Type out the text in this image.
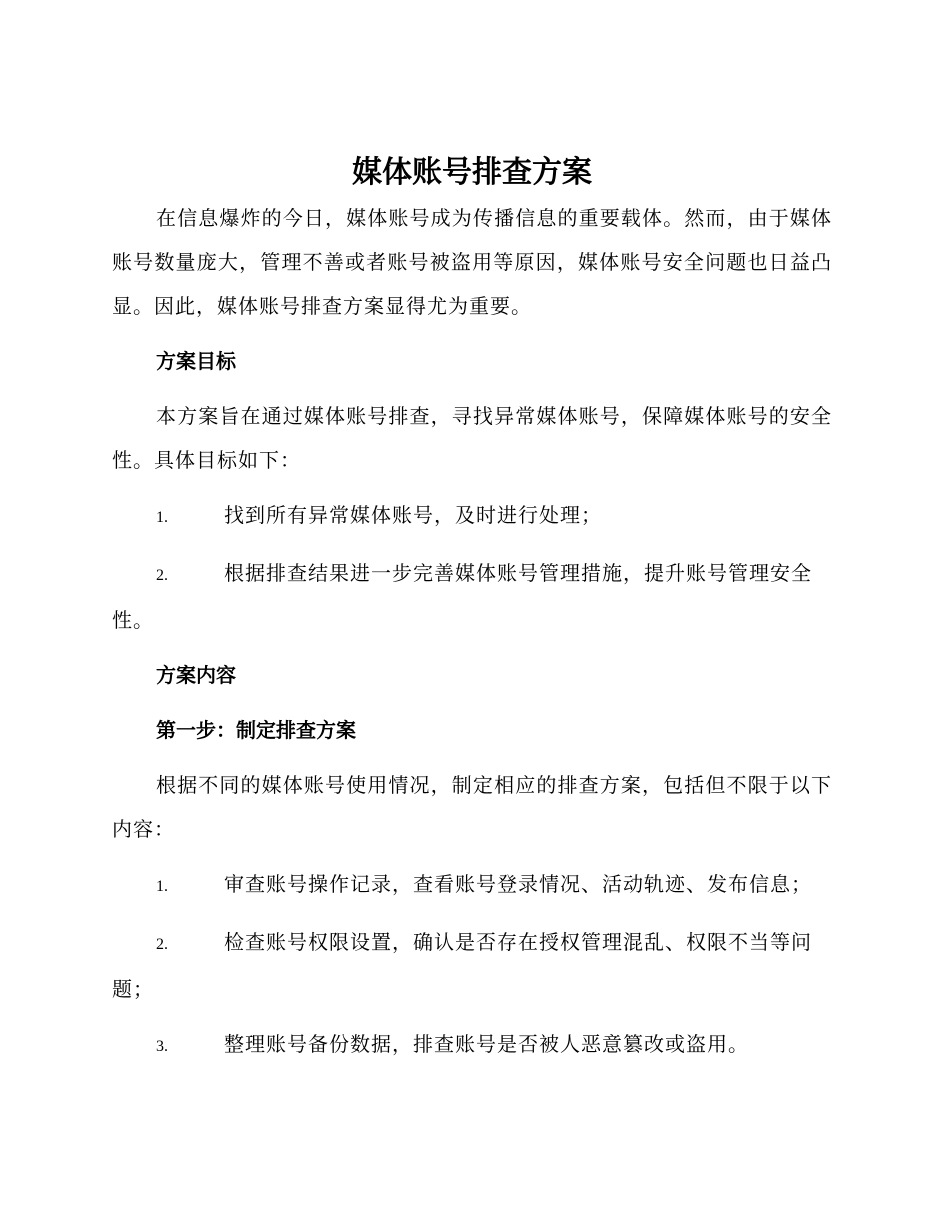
媒体账号排查方案

在信息爆炸的今日，媒体账号成为传播信息的重要载体。然而，由于媒体账号数量庞大，管理不善或者账号被盗用等原因，媒体账号安全问题也日益凸显。因此，媒体账号排查方案显得尤为重要。

方案目标

本方案旨在通过媒体账号排查，寻找异常媒体账号，保障媒体账号的安全性。具体目标如下：

1.	找到所有异常媒体账号，及时进行处理；

2.	根据排查结果进一步完善媒体账号管理措施，提升账号管理安全性。

方案内容
第一步：制定排查方案

根据不同的媒体账号使用情况，制定相应的排查方案，包括但不限于以下内容：

1.	审查账号操作记录，查看账号登录情况、活动轨迹、发布信息；

2.	检查账号权限设置，确认是否存在授权管理混乱、权限不当等问题；

3.	整理账号备份数据，排查账号是否被人恶意篡改或盗用。
